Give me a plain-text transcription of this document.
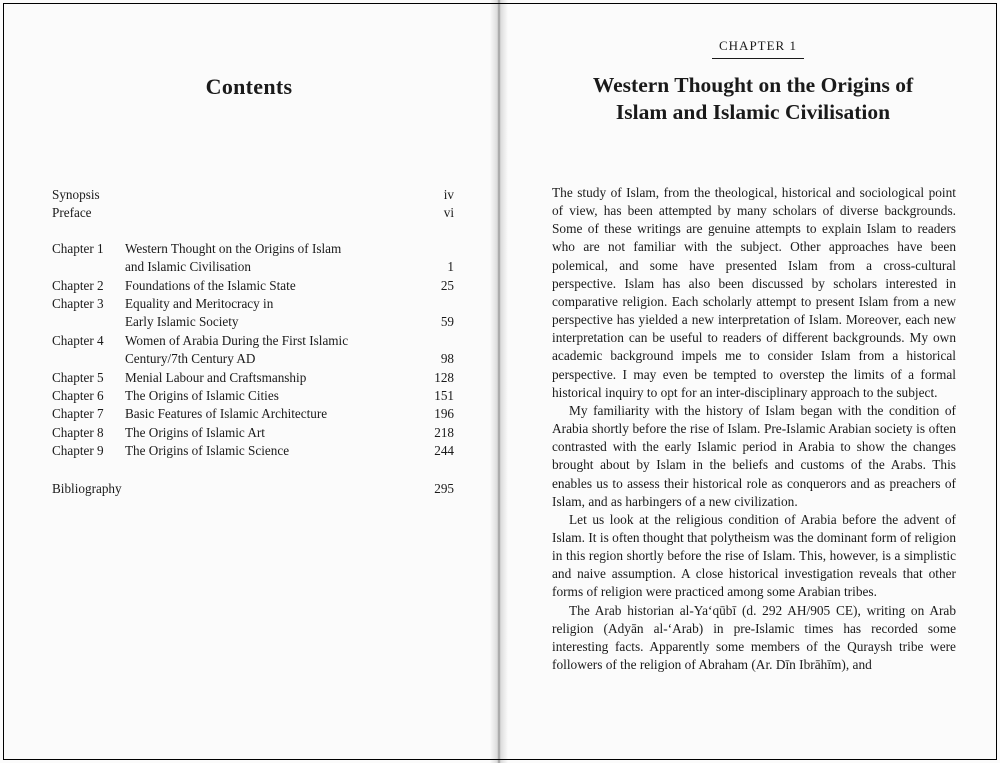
Contents
Synopsis	iv
Preface	vi
Chapter 1 Western Thought on the Origins of Islam
and Islamic Civilisation	1
Chapter 2 Foundations of the Islamic State	25
Chapter 3 Equality and Meritocracy in
Early Islamic Society	59
Chapter 4 Women of Arabia During the First Islamic
Century/7th Century AD	98
Chapter 5 Menial Labour and Craftsmanship	128
Chapter 6 The Origins of Islamic Cities	151
Chapter 7 Basic Features of Islamic Architecture	196
Chapter 8 The Origins of Islamic Art	218
Chapter 9 The Origins of Islamic Science	244
Bibliography	295
CHAPTER 1
Western Thought on the Origins of
Islam and Islamic Civilisation

The study of Islam, from the theological, historical and sociological point of view, has been attempted by many scholars of diverse backgrounds. Some of these writings are genuine attempts to explain Islam to readers who are not familiar with the subject. Other approaches have been polemical, and some have presented Islam from a cross-cultural perspective. Islam has also been discussed by scholars interested in comparative religion. Each scholarly attempt to present Islam from a new perspective has yielded a new interpretation of Islam. Moreover, each new interpretation can be useful to readers of different backgrounds. My own academic background impels me to consider Islam from a historical perspective. I may even be tempted to overstep the limits of a formal historical inquiry to opt for an inter-disciplinary approach to the subject.

My familiarity with the history of Islam began with the condition of Arabia shortly before the rise of Islam. Pre-Islamic Arabian society is often contrasted with the early Islamic period in Arabia to show the changes brought about by Islam in the beliefs and customs of the Arabs. This enables us to assess their historical role as conquerors and as preachers of Islam, and as harbingers of a new civilization.

Let us look at the religious condition of Arabia before the advent of Islam. It is often thought that polytheism was the dominant form of religion in this region shortly before the rise of Islam. This, however, is a simplistic and naive assumption. A close historical investigation reveals that other forms of religion were practiced among some Arabian tribes.

The Arab historian al-Ya‘qūbī (d. 292 AH/905 CE), writing on Arab religion (Adyān al-‘Arab) in pre-Islamic times has recorded some interesting facts. Apparently some members of the Quraysh tribe were followers of the religion of Abraham (Ar. Dīn Ibrāhīm), and
